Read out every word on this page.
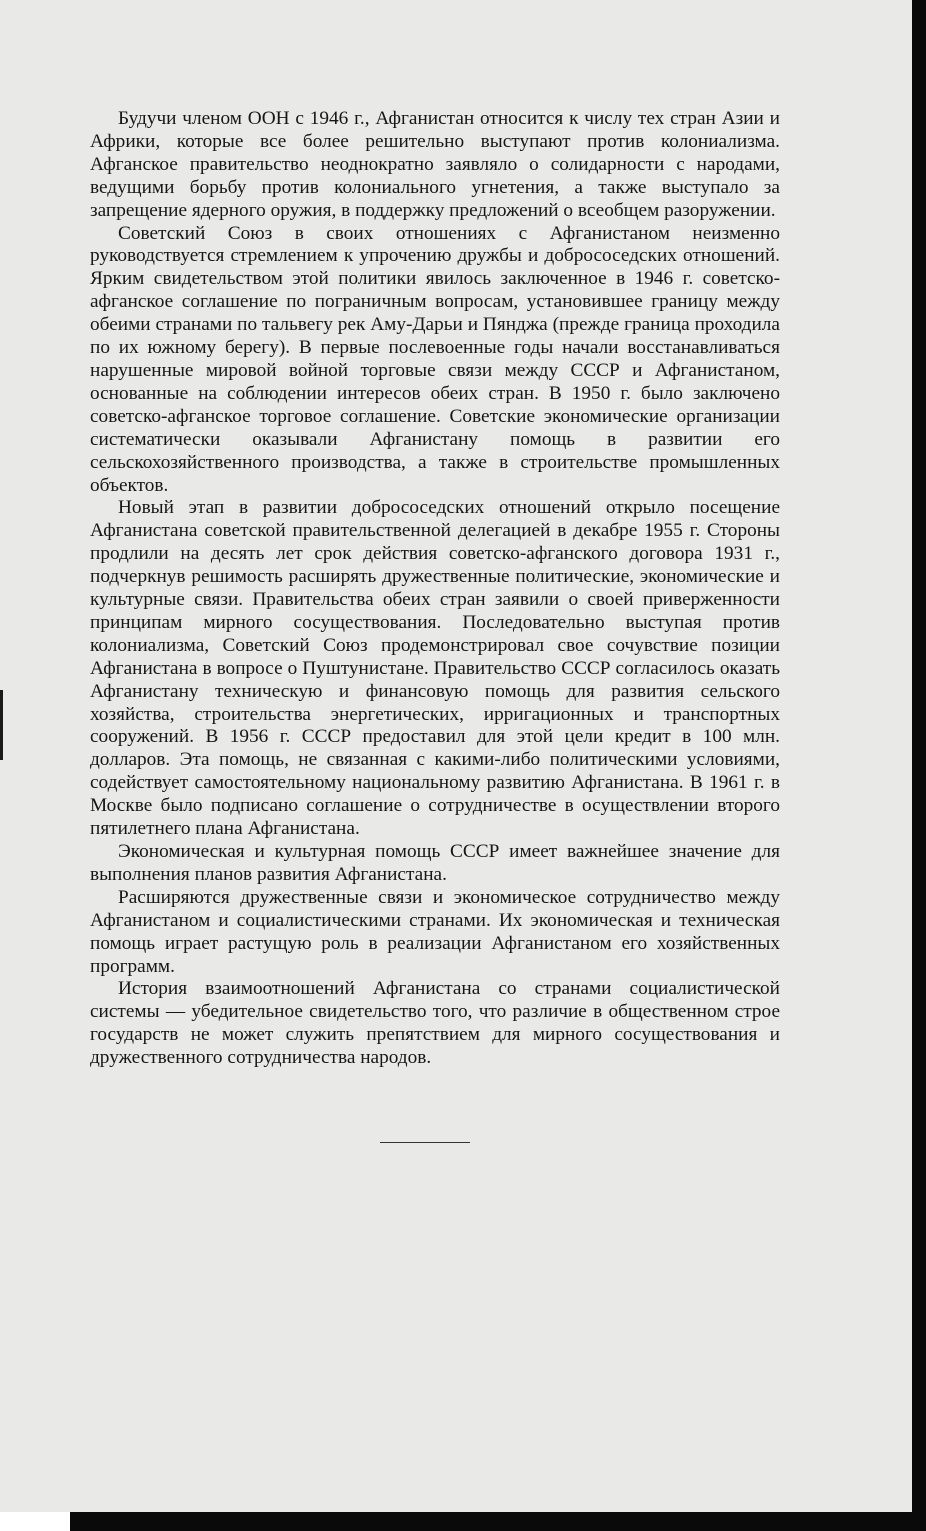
Будучи членом ООН с 1946 г., Афганистан относится к числу тех стран Азии и Африки, которые все более решительно выступают против колониализма. Афганское правительство неоднократно заявляло о солидарности с народами, ведущими борьбу против колониального угнетения, а также выступало за запрещение ядерного оружия, в поддержку предложений о всеобщем разоружении.

Советский Союз в своих отношениях с Афганистаном неизменно руководствуется стремлением к упрочению дружбы и добрососедских отношений. Ярким свидетельством этой политики явилось заключенное в 1946 г. советско-афганское соглашение по пограничным вопросам, установившее границу между обеими странами по тальвегу рек Аму-Дарьи и Пянджа (прежде граница проходила по их южному берегу). В первые послевоенные годы начали восстанавливаться нарушенные мировой войной торговые связи между СССР и Афганистаном, основанные на соблюдении интересов обеих стран. В 1950 г. было заключено советско-афганское торговое соглашение. Советские экономические организации систематически оказывали Афганистану помощь в развитии его сельскохозяйственного производства, а также в строительстве промышленных объектов.

Новый этап в развитии добрососедских отношений открыло посещение Афганистана советской правительственной делегацией в декабре 1955 г. Стороны продлили на десять лет срок действия советско-афганского договора 1931 г., подчеркнув решимость расширять дружественные политические, экономические и культурные связи. Правительства обеих стран заявили о своей приверженности принципам мирного сосуществования. Последовательно выступая против колониализма, Советский Союз продемонстрировал свое сочувствие позиции Афганистана в вопросе о Пуштунистане. Правительство СССР согласилось оказать Афганистану техническую и финансовую помощь для развития сельского хозяйства, строительства энергетических, ирригационных и транспортных сооружений. В 1956 г. СССР предоставил для этой цели кредит в 100 млн. долларов. Эта помощь, не связанная с какими-либо политическими условиями, содействует самостоятельному национальному развитию Афганистана. В 1961 г. в Москве было подписано соглашение о сотрудничестве в осуществлении второго пятилетнего плана Афганистана.

Экономическая и культурная помощь СССР имеет важнейшее значение для выполнения планов развития Афганистана.

Расширяются дружественные связи и экономическое сотрудничество между Афганистаном и социалистическими странами. Их экономическая и техническая помощь играет растущую роль в реализации Афганистаном его хозяйственных программ.

История взаимоотношений Афганистана со странами социалистической системы — убедительное свидетельство того, что различие в общественном строе государств не может служить препятствием для мирного сосуществования и дружественного сотрудничества народов.
